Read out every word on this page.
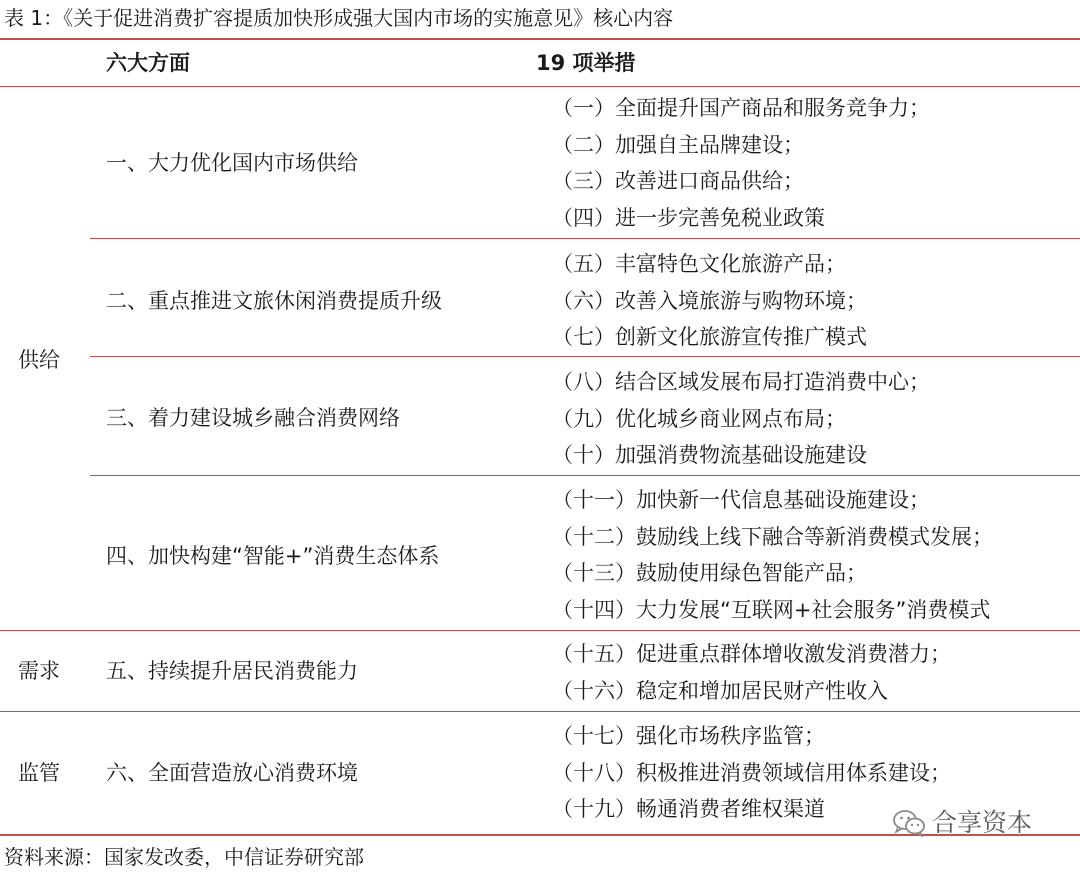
表 1：《关于促进消费扩容提质加快形成强大国内市场的实施意见》核心内容
六大方面	19 项举措
供给
需求
监管
一、大力优化国内市场供给
（一）全面提升国产商品和服务竞争力；
（二）加强自主品牌建设；
（三）改善进口商品供给；
（四）进一步完善免税业政策
二、重点推进文旅休闲消费提质升级
（五）丰富特色文化旅游产品；
（六）改善入境旅游与购物环境；
（七）创新文化旅游宣传推广模式
三、着力建设城乡融合消费网络
（八）结合区域发展布局打造消费中心；
（九）优化城乡商业网点布局；
（十）加强消费物流基础设施建设
四、加快构建“智能+”消费生态体系
（十一）加快新一代信息基础设施建设；
（十二）鼓励线上线下融合等新消费模式发展；
（十三）鼓励使用绿色智能产品；
（十四）大力发展“互联网+社会服务”消费模式
五、持续提升居民消费能力
（十五）促进重点群体增收激发消费潜力；
（十六）稳定和增加居民财产性收入
六、全面营造放心消费环境
（十七）强化市场秩序监管；
（十八）积极推进消费领域信用体系建设；
（十九）畅通消费者维权渠道
资料来源：国家发改委，中信证券研究部
合享资本
